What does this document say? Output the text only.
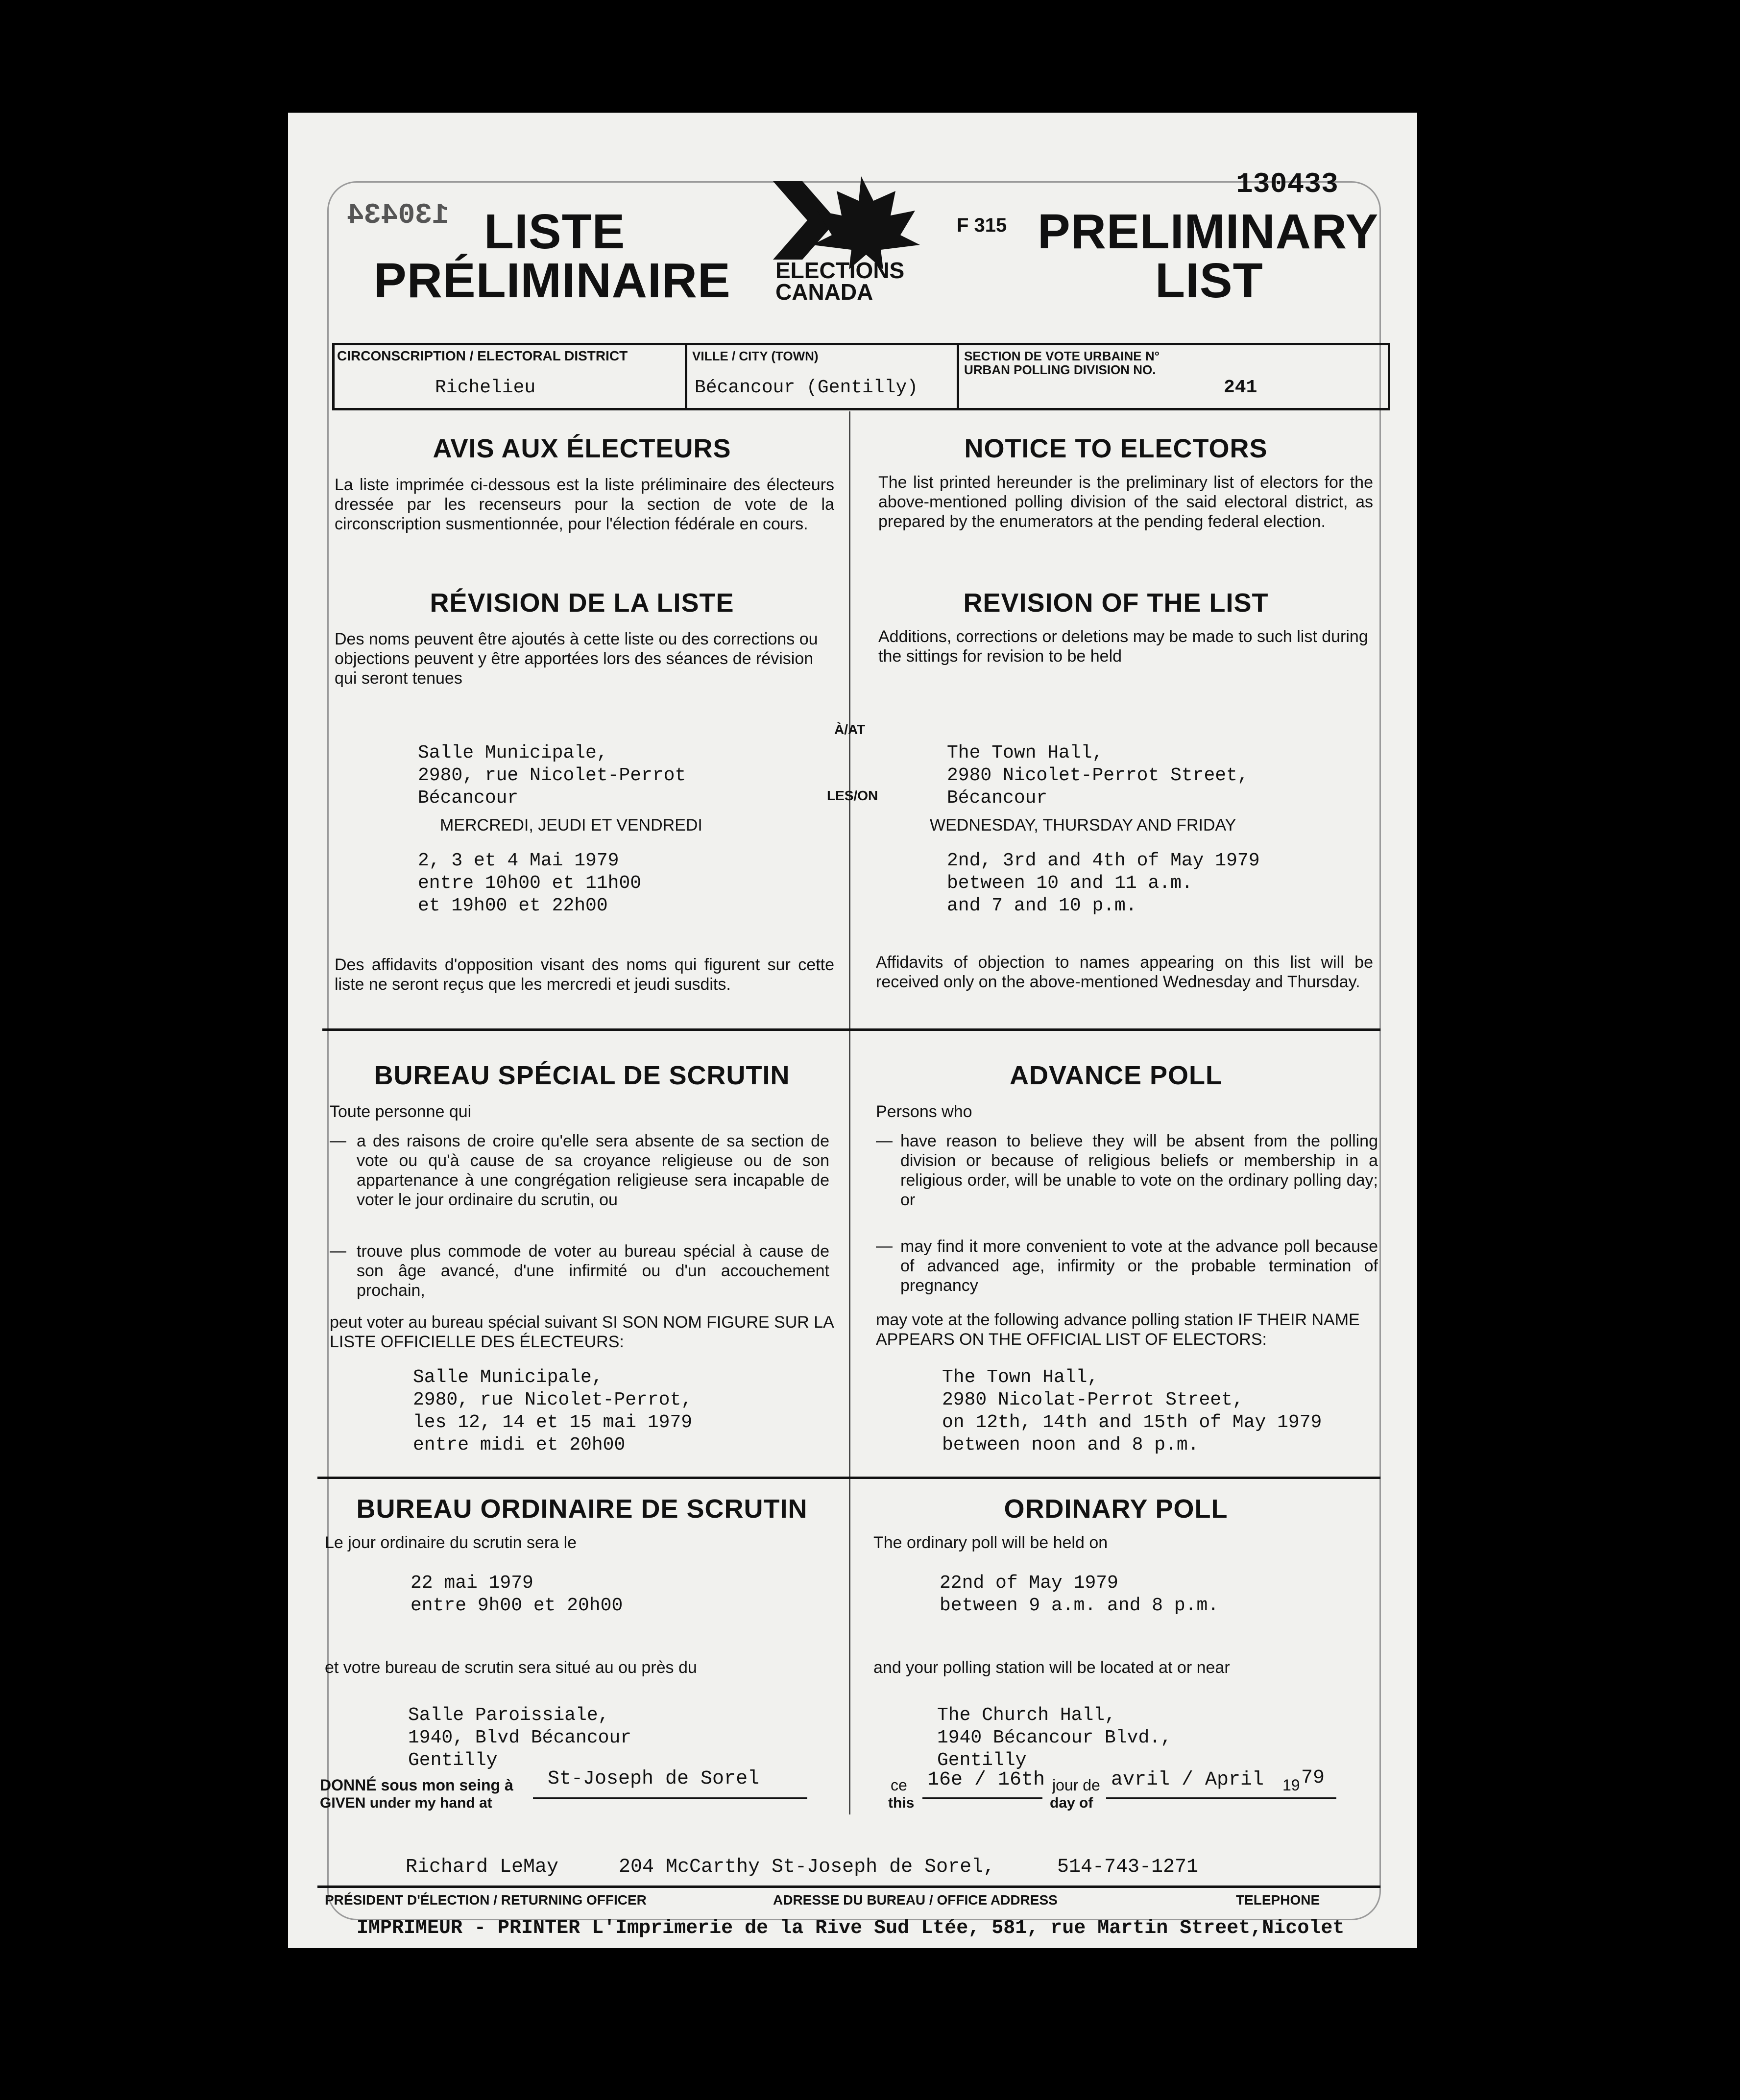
130434
130433
LISTE
PRÉLIMINAIRE ELECTIONS
CANADA
F 315 PRELIMINARY
LIST
CIRCONSCRIPTION / ELECTORAL DISTRICT
Richelieu
VILLE / CITY (TOWN)
Bécancour (Gentilly)
SECTION DE VOTE URBAINE N°
URBAN POLLING DIVISION NO.
241
AVIS AUX ÉLECTEURS
La liste imprimée ci-dessous est la liste préliminaire des électeurs dressée par les recenseurs pour la section de vote de la circonscription susmentionnée, pour l'élection fédérale en cours.
NOTICE TO ELECTORS
The list printed hereunder is the preliminary list of electors for the above-mentioned polling division of the said electoral district, as prepared by the enumerators at the pending federal election.
RÉVISION DE LA LISTE
Des noms peuvent être ajoutés à cette liste ou des corrections ou objections peuvent y être apportées lors des séances de révision qui seront tenues
REVISION OF THE LIST
Additions, corrections or deletions may be made to such list during the sittings for revision to be held
À/AT
LES/ON
Salle Municipale,
2980, rue Nicolet-Perrot
Bécancour
The Town Hall,
2980 Nicolet-Perrot Street,
Bécancour
MERCREDI, JEUDI ET VENDREDI	WEDNESDAY, THURSDAY AND FRIDAY
2, 3 et 4 Mai 1979
entre 10h00 et 11h00
et 19h00 et 22h00
2nd, 3rd and 4th of May 1979
between 10 and 11 a.m.
and 7 and 10 p.m.
Des affidavits d'opposition visant des noms qui figurent sur cette liste ne seront reçus que les mercredi et jeudi susdits.
Affidavits of objection to names appearing on this list will be received only on the above-mentioned Wednesday and Thursday.
BUREAU SPÉCIAL DE SCRUTIN
Toute personne qui
— a des raisons de croire qu'elle sera absente de sa section de vote ou qu'à cause de sa croyance religieuse ou de son appartenance à une congrégation religieuse sera incapable de voter le jour ordinaire du scrutin, ou
— trouve plus commode de voter au bureau spécial à cause de son âge avancé, d'une infirmité ou d'un accouchement prochain,
peut voter au bureau spécial suivant SI SON NOM FIGURE SUR LA LISTE OFFICIELLE DES ÉLECTEURS:
Salle Municipale,
2980, rue Nicolet-Perrot,
les 12, 14 et 15 mai 1979
entre midi et 20h00
ADVANCE POLL
Persons who
— have reason to believe they will be absent from the polling division or because of religious beliefs or membership in a religious order, will be unable to vote on the ordinary polling day; or
— may find it more convenient to vote at the advance poll because of advanced age, infirmity or the probable termination of pregnancy
may vote at the following advance polling station IF THEIR NAME APPEARS ON THE OFFICIAL LIST OF ELECTORS:
The Town Hall,
2980 Nicolat-Perrot Street,
on 12th, 14th and 15th of May 1979
between noon and 8 p.m.
BUREAU ORDINAIRE DE SCRUTIN
Le jour ordinaire du scrutin sera le
22 mai 1979
entre 9h00 et 20h00
et votre bureau de scrutin sera situé au ou près du
Salle Paroissiale,
1940, Blvd Bécancour
Gentilly
ORDINARY POLL
The ordinary poll will be held on
22nd of May 1979
between 9 a.m. and 8 p.m.
and your polling station will be located at or near
The Church Hall,
1940 Bécancour Blvd.,
Gentilly
DONNÉ sous mon seing à
GIVEN under my hand at
St-Joseph de Sorel	ce
this
16e / 16th jour de
day of
avril / April 19 79
Richard LeMay	204 McCarthy St-Joseph de Sorel,	514-743-1271
PRÉSIDENT D'ÉLECTION / RETURNING OFFICER	ADRESSE DU BUREAU / OFFICE ADDRESS	TELEPHONE
IMPRIMEUR - PRINTER L'Imprimerie de la Rive Sud Ltée, 581, rue Martin Street,Nicolet
